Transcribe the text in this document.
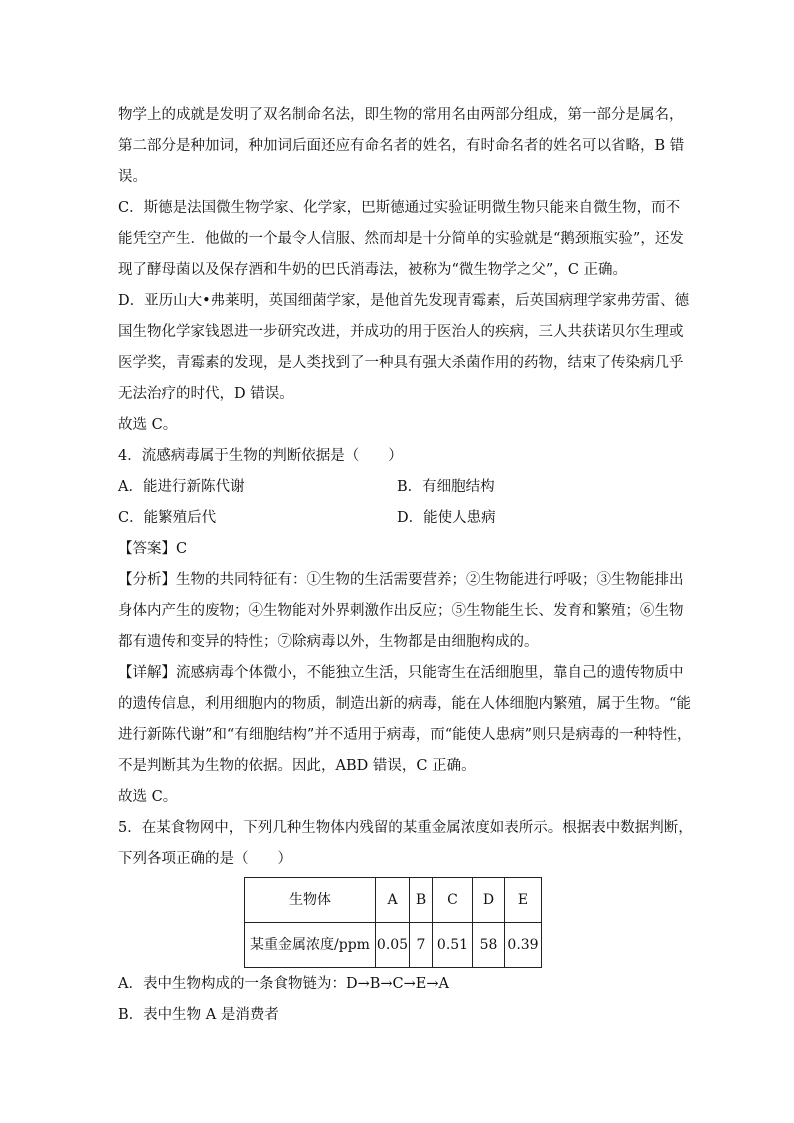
物学上的成就是发明了双名制命名法，即生物的常用名由两部分组成，第一部分是属名，
第二部分是种加词，种加词后面还应有命名者的姓名，有时命名者的姓名可以省略，B 错
误。
C．斯德是法国微生物学家、化学家，巴斯德通过实验证明微生物只能来自微生物，而不
能凭空产生．他做的一个最令人信服、然而却是十分简单的实验就是“鹅颈瓶实验”，还发
现了酵母菌以及保存酒和牛奶的巴氏消毒法，被称为“微生物学之父”，C 正确。
D．亚历山大•弗莱明，英国细菌学家，是他首先发现青霉素，后英国病理学家弗劳雷、德
国生物化学家钱恩进一步研究改进，并成功的用于医治人的疾病，三人共获诺贝尔生理或
医学奖，青霉素的发现，是人类找到了一种具有强大杀菌作用的药物，结束了传染病几乎
无法治疗的时代，D 错误。
故选 C。
4．流感病毒属于生物的判断依据是（　　）
A．能进行新陈代谢	B．有细胞结构
C．能繁殖后代	D．能使人患病
【答案】C
【分析】生物的共同特征有：①生物的生活需要营养；②生物能进行呼吸；③生物能排出
身体内产生的废物；④生物能对外界刺激作出反应；⑤生物能生长、发育和繁殖；⑥生物
都有遗传和变异的特性；⑦除病毒以外，生物都是由细胞构成的。
【详解】流感病毒个体微小，不能独立生活，只能寄生在活细胞里，靠自己的遗传物质中
的遗传信息，利用细胞内的物质，制造出新的病毒，能在人体细胞内繁殖，属于生物。“能
进行新陈代谢”和“有细胞结构”并不适用于病毒，而“能使人患病”则只是病毒的一种特性，
不是判断其为生物的依据。因此，ABD 错误，C 正确。
故选 C。
5．在某食物网中，下列几种生物体内残留的某重金属浓度如表所示。根据表中数据判断，
下列各项正确的是（　　）
生物体	A	B	C	D	E
某重金属浓度/ppm	0.05	7	0.51	58	0.39
A．表中生物构成的一条食物链为：D→B→C→E→A
B．表中生物 A 是消费者
